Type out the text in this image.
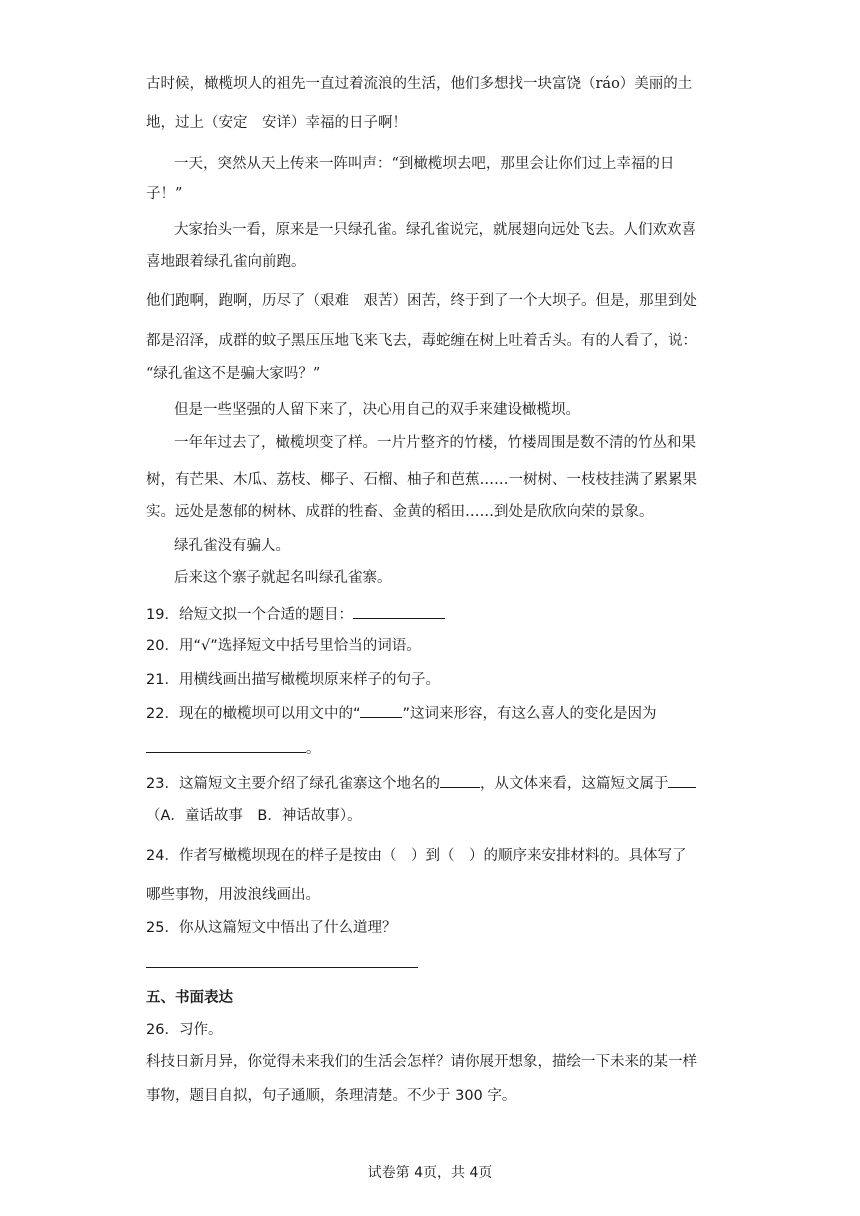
古时候，橄榄坝人的祖先一直过着流浪的生活，他们多想找一块富饶（ráo）美丽的土
地，过上（安定　安详）幸福的日子啊！
一天，突然从天上传来一阵叫声：“到橄榄坝去吧，那里会让你们过上幸福的日
子！”
大家抬头一看，原来是一只绿孔雀。绿孔雀说完，就展翅向远处飞去。人们欢欢喜
喜地跟着绿孔雀向前跑。
他们跑啊，跑啊，历尽了（艰难　艰苦）困苦，终于到了一个大坝子。但是，那里到处
都是沼泽，成群的蚊子黑压压地飞来飞去，毒蛇缠在树上吐着舌头。有的人看了，说：
“绿孔雀这不是骗大家吗？”
但是一些坚强的人留下来了，决心用自己的双手来建设橄榄坝。
一年年过去了，橄榄坝变了样。一片片整齐的竹楼，竹楼周围是数不清的竹丛和果
树，有芒果、木瓜、荔枝、椰子、石榴、柚子和芭蕉……一树树、一枝枝挂满了累累果
实。远处是葱郁的树林、成群的牲畜、金黄的稻田……到处是欣欣向荣的景象。
绿孔雀没有骗人。
后来这个寨子就起名叫绿孔雀寨。
19．给短文拟一个合适的题目：
20．用“√”选择短文中括号里恰当的词语。
21．用横线画出描写橄榄坝原来样子的句子。
22．现在的橄榄坝可以用文中的“	”这词来形容，有这么喜人的变化是因为
。
23．这篇短文主要介绍了绿孔雀寨这个地名的	，从文体来看，这篇短文属于
（A．童话故事　B．神话故事）。
24．作者写橄榄坝现在的样子是按由（　）到（　）的顺序来安排材料的。具体写了
哪些事物，用波浪线画出。
25．你从这篇短文中悟出了什么道理？
五、书面表达
26．习作。
科技日新月异，你觉得未来我们的生活会怎样？请你展开想象，描绘一下未来的某一样
事物，题目自拟，句子通顺，条理清楚。不少于 300 字。
试卷第 4页，共 4页
